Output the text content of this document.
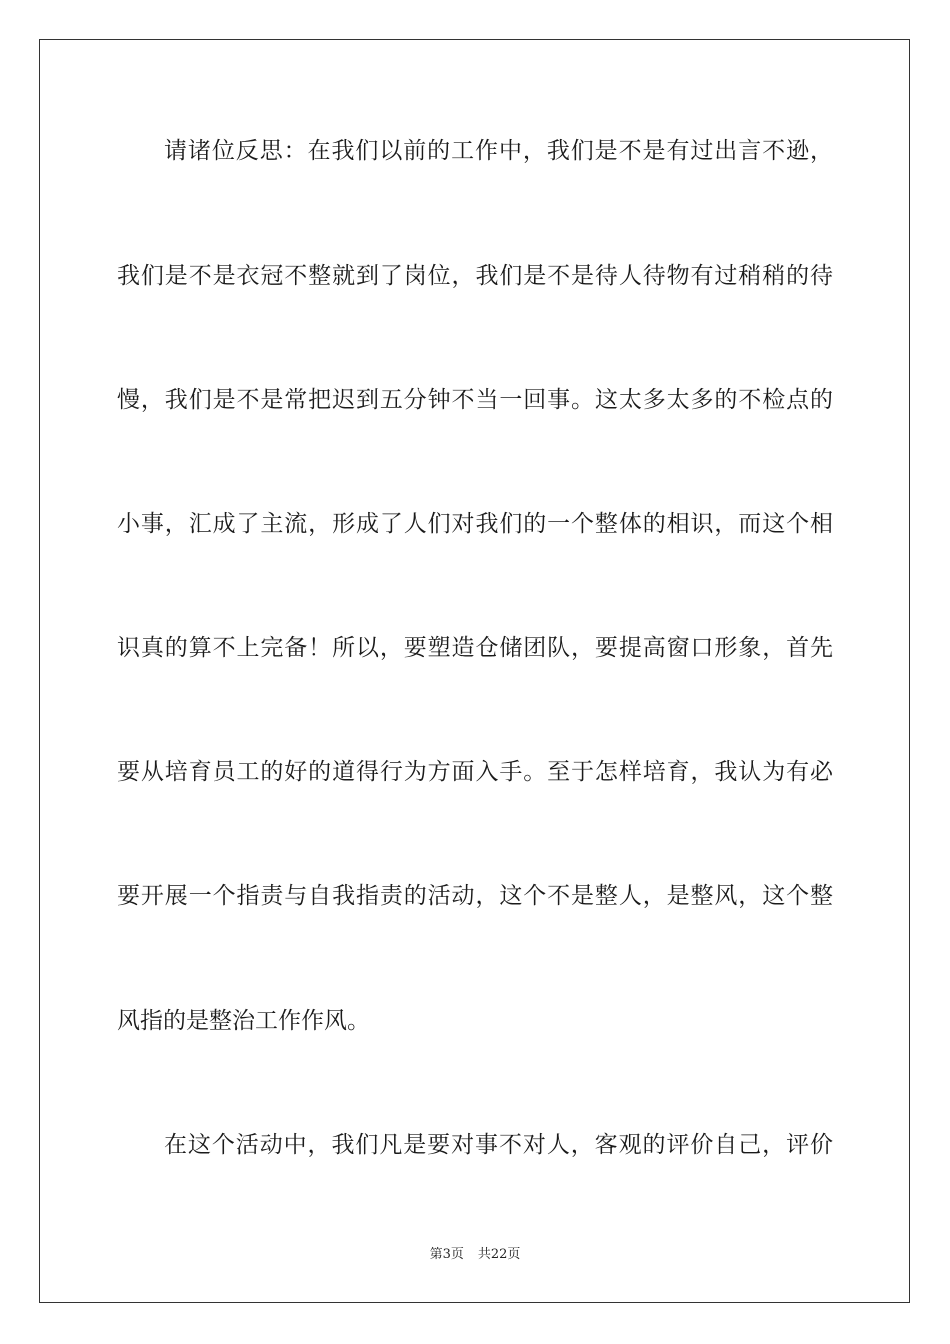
请诸位反思：在我们以前的工作中，我们是不是有过出言不逊，
我们是不是衣冠不整就到了岗位，我们是不是待人待物有过稍稍的待
慢，我们是不是常把迟到五分钟不当一回事。这太多太多的不检点的
小事，汇成了主流，形成了人们对我们的一个整体的相识，而这个相
识真的算不上完备！所以，要塑造仓储团队，要提高窗口形象，首先
要从培育员工的好的道得行为方面入手。至于怎样培育，我认为有必
要开展一个指责与自我指责的活动，这个不是整人，是整风，这个整
风指的是整治工作作风。
在这个活动中，我们凡是要对事不对人，客观的评价自己，评价
第3页 共22页
